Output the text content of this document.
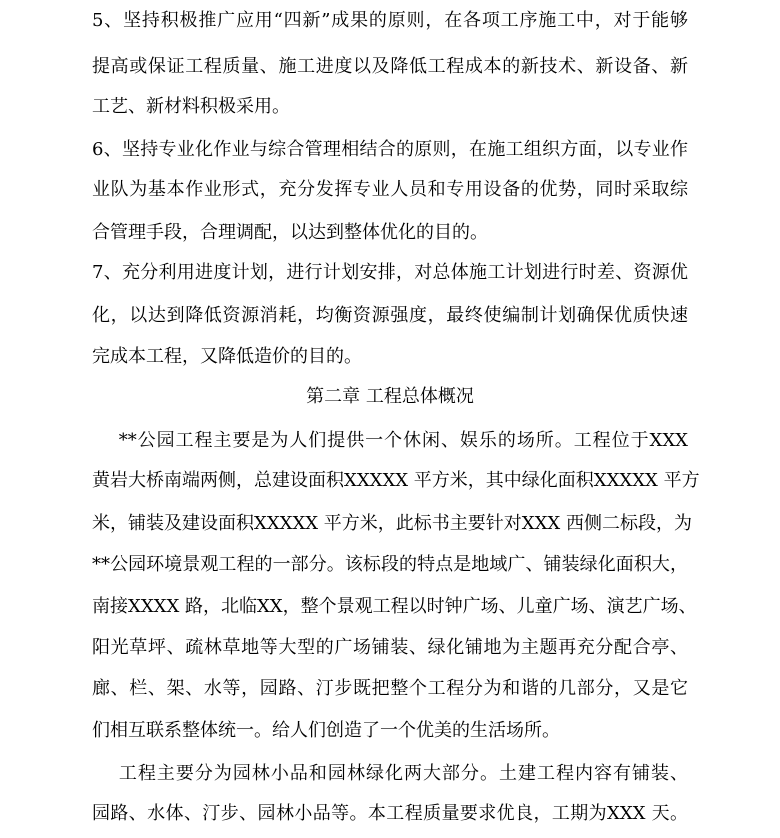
5、坚持积极推广应用“四新”成果的原则，在各项工序施工中，对于能够
提高或保证工程质量、施工进度以及降低工程成本的新技术、新设备、新
工艺、新材料积极采用。
6、坚持专业化作业与综合管理相结合的原则，在施工组织方面，以专业作
业队为基本作业形式，充分发挥专业人员和专用设备的优势，同时采取综
合管理手段，合理调配，以达到整体优化的目的。
7、充分利用进度计划，进行计划安排，对总体施工计划进行时差、资源优
化，以达到降低资源消耗，均衡资源强度，最终使编制计划确保优质快速
完成本工程，又降低造价的目的。
第二章 工程总体概况
**公园工程主要是为人们提供一个休闲、娱乐的场所。工程位于XXX
黄岩大桥南端两侧，总建设面积XXXXX 平方米，其中绿化面积XXXXX 平方
米，铺装及建设面积XXXXX 平方米，此标书主要针对XXX 西侧二标段，为
**公园环境景观工程的一部分。该标段的特点是地域广、铺装绿化面积大，
南接XXXX 路，北临XX，整个景观工程以时钟广场、儿童广场、演艺广场、
阳光草坪、疏林草地等大型的广场铺装、绿化铺地为主题再充分配合亭、
廊、栏、架、水等，园路、汀步既把整个工程分为和谐的几部分，又是它
们相互联系整体统一。给人们创造了一个优美的生活场所。
工程主要分为园林小品和园林绿化两大部分。土建工程内容有铺装、
园路、水体、汀步、园林小品等。本工程质量要求优良，工期为XXX 天。
